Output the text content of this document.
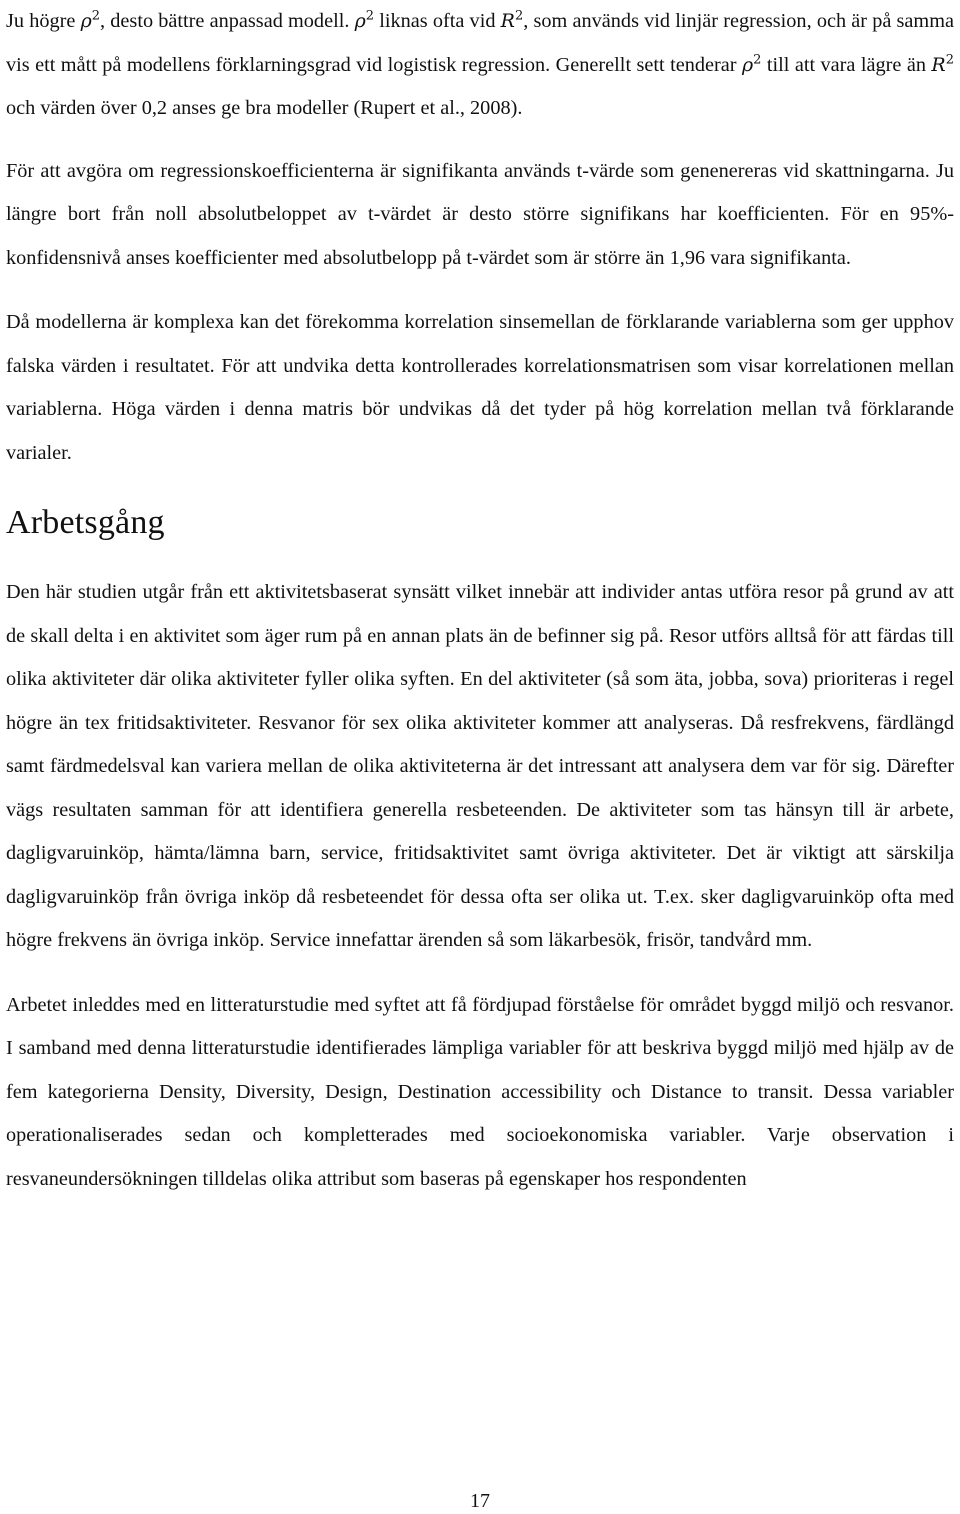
Ju högre $\rho^2$, desto bättre anpassad modell. $\rho^2$ liknas ofta vid $R^2$, som används vid linjär regression, och är på samma vis ett mått på modellens förklarningsgrad vid logistisk regression. Generellt sett tenderar $\rho^2$ till att vara lägre än $R^2$ och värden över 0,2 anses ge bra modeller (Rupert et al., 2008).

För att avgöra om regressionskoefficienterna är signifikanta används t-värde som genenereras vid skattningarna. Ju längre bort från noll absolutbeloppet av t-värdet är desto större signifikans har koefficienten. För en 95%-konfidensnivå anses koefficienter med absolutbelopp på t-värdet som är större än 1,96 vara signifikanta.

Då modellerna är komplexa kan det förekomma korrelation sinsemellan de förklarande variablerna som ger upphov falska värden i resultatet. För att undvika detta kontrollerades korrelationsmatrisen som visar korrelationen mellan variablerna. Höga värden i denna matris bör undvikas då det tyder på hög korrelation mellan två förklarande varialer.

Arbetsgång

Den här studien utgår från ett aktivitetsbaserat synsätt vilket innebär att individer antas utföra resor på grund av att de skall delta i en aktivitet som äger rum på en annan plats än de befinner sig på. Resor utförs alltså för att färdas till olika aktiviteter där olika aktiviteter fyller olika syften. En del aktiviteter (så som äta, jobba, sova) prioriteras i regel högre än tex fritidsaktiviteter. Resvanor för sex olika aktiviteter kommer att analyseras. Då resfrekvens, färdlängd samt färdmedelsval kan variera mellan de olika aktiviteterna är det intressant att analysera dem var för sig. Därefter vägs resultaten samman för att identifiera generella resbeteenden. De aktiviteter som tas hänsyn till är arbete, dagligvaruinköp, hämta/lämna barn, service, fritidsaktivitet samt övriga aktiviteter. Det är viktigt att särskilja dagligvaruinköp från övriga inköp då resbeteendet för dessa ofta ser olika ut. T.ex. sker dagligvaruinköp ofta med högre frekvens än övriga inköp. Service innefattar ärenden så som läkarbesök, frisör, tandvård mm.

Arbetet inleddes med en litteraturstudie med syftet att få fördjupad förståelse för området byggd miljö och resvanor. I samband med denna litteraturstudie identifierades lämpliga variabler för att beskriva byggd miljö med hjälp av de fem kategorierna Density, Diversity, Design, Destination accessibility och Distance to transit. Dessa variabler operationaliserades sedan och kompletterades med socioekonomiska variabler. Varje observation i resvaneundersökningen tilldelas olika attribut som baseras på egenskaper hos respondenten

17
